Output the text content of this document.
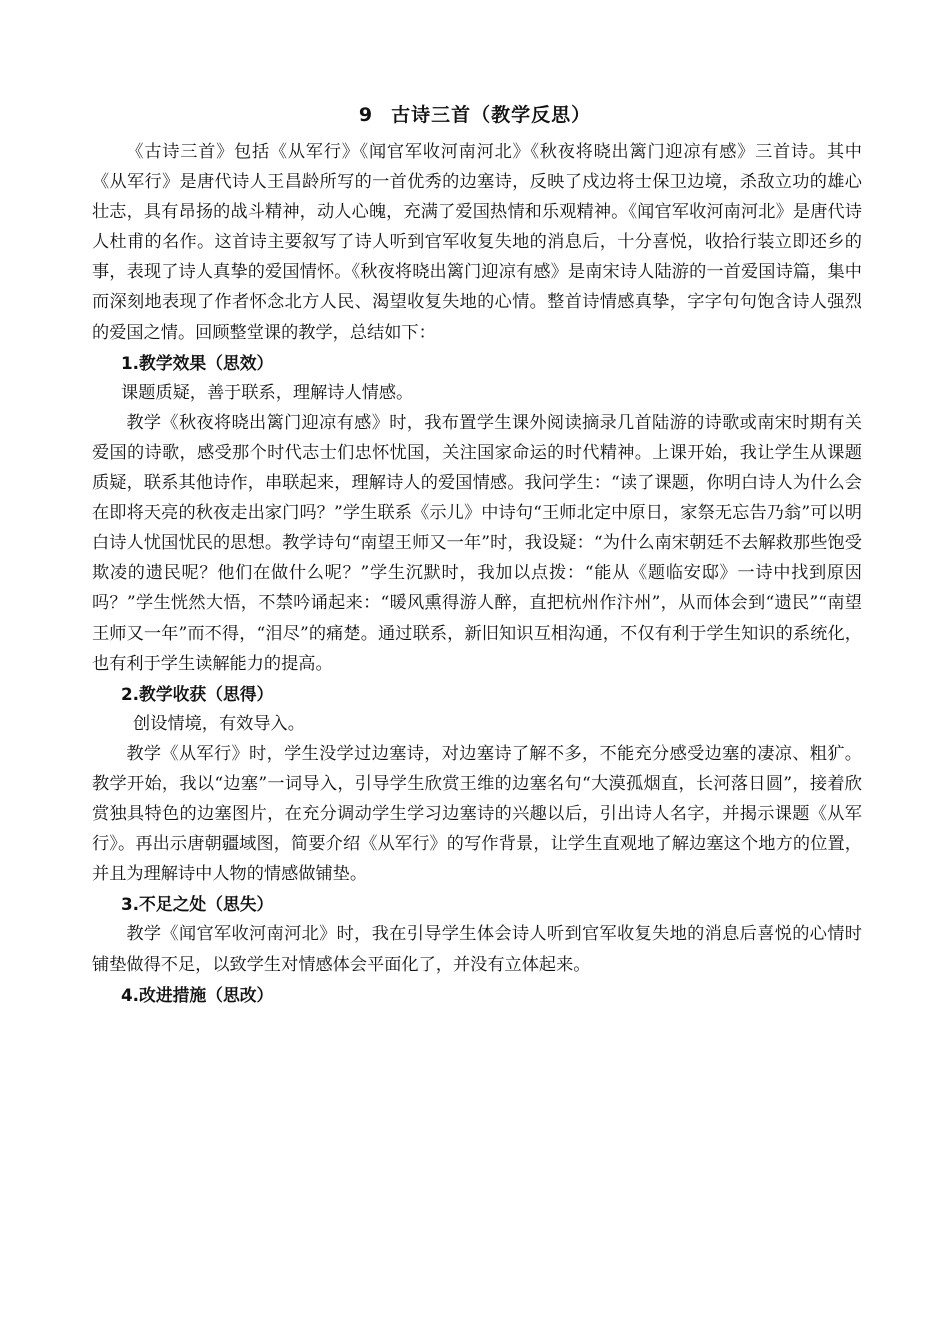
9 古诗三首（教学反思）

《古诗三首》包括《从军行》《闻官军收河南河北》《秋夜将晓出篱门迎凉有感》三首诗。其中《从军行》是唐代诗人王昌龄所写的一首优秀的边塞诗，反映了戍边将士保卫边境，杀敌立功的雄心壮志，具有昂扬的战斗精神，动人心魄，充满了爱国热情和乐观精神。《闻官军收河南河北》是唐代诗人杜甫的名作。这首诗主要叙写了诗人听到官军收复失地的消息后，十分喜悦，收拾行装立即还乡的事，表现了诗人真挚的爱国情怀。《秋夜将晓出篱门迎凉有感》是南宋诗人陆游的一首爱国诗篇，集中而深刻地表现了作者怀念北方人民、渴望收复失地的心情。整首诗情感真挚，字字句句饱含诗人强烈的爱国之情。回顾整堂课的教学，总结如下：

1.教学效果（思效）

课题质疑，善于联系，理解诗人情感。

教学《秋夜将晓出篱门迎凉有感》时，我布置学生课外阅读摘录几首陆游的诗歌或南宋时期有关爱国的诗歌，感受那个时代志士们忠怀忧国，关注国家命运的时代精神。上课开始，我让学生从课题质疑，联系其他诗作，串联起来，理解诗人的爱国情感。我问学生：“读了课题，你明白诗人为什么会在即将天亮的秋夜走出家门吗？”学生联系《示儿》中诗句“王师北定中原日，家祭无忘告乃翁”可以明白诗人忧国忧民的思想。教学诗句“南望王师又一年”时，我设疑：“为什么南宋朝廷不去解救那些饱受欺凌的遗民呢？他们在做什么呢？”学生沉默时，我加以点拨：“能从《题临安邸》一诗中找到原因吗？”学生恍然大悟，不禁吟诵起来：“暖风熏得游人醉，直把杭州作汴州”，从而体会到“遗民”“南望王师又一年”而不得，“泪尽”的痛楚。通过联系，新旧知识互相沟通，不仅有利于学生知识的系统化，也有利于学生读解能力的提高。

2.教学收获（思得）

创设情境，有效导入。

教学《从军行》时，学生没学过边塞诗，对边塞诗了解不多，不能充分感受边塞的凄凉、粗犷。教学开始，我以“边塞”一词导入，引导学生欣赏王维的边塞名句“大漠孤烟直，长河落日圆”，接着欣赏独具特色的边塞图片，在充分调动学生学习边塞诗的兴趣以后，引出诗人名字，并揭示课题《从军行》。再出示唐朝疆域图，简要介绍《从军行》的写作背景，让学生直观地了解边塞这个地方的位置，并且为理解诗中人物的情感做铺垫。

3.不足之处（思失）

教学《闻官军收河南河北》时，我在引导学生体会诗人听到官军收复失地的消息后喜悦的心情时铺垫做得不足，以致学生对情感体会平面化了，并没有立体起来。

4.改进措施（思改）
